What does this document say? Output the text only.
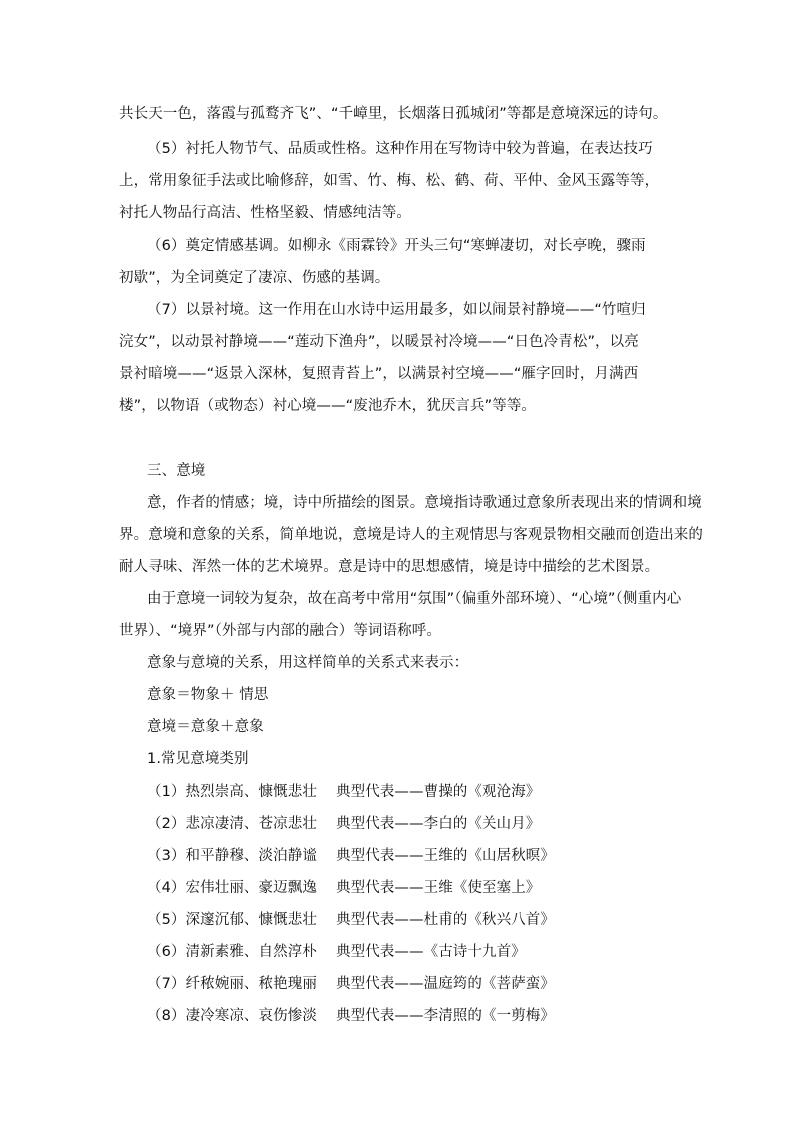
共长天一色，落霞与孤鹜齐飞”、“千嶂里，长烟落日孤城闭”等都是意境深远的诗句。
（5）衬托人物节气、品质或性格。这种作用在写物诗中较为普遍，在表达技巧
上，常用象征手法或比喻修辞，如雪、竹、梅、松、鹤、荷、平仲、金风玉露等等，
衬托人物品行高洁、性格坚毅、情感纯洁等。
（6）奠定情感基调。如柳永《雨霖铃》开头三句“寒蝉凄切，对长亭晚，骤雨
初歇”，为全词奠定了凄凉、伤感的基调。
（7）以景衬境。这一作用在山水诗中运用最多，如以闹景衬静境——“竹喧归
浣女”，以动景衬静境——“莲动下渔舟”，以暖景衬冷境——“日色冷青松”，以亮
景衬暗境——“返景入深林，复照青苔上”，以满景衬空境——“雁字回时，月满西
楼”，以物语（或物态）衬心境——“废池乔木，犹厌言兵”等等。
三、意境
意，作者的情感；境，诗中所描绘的图景。意境指诗歌通过意象所表现出来的情调和境
界。意境和意象的关系，简单地说，意境是诗人的主观情思与客观景物相交融而创造出来的
耐人寻味、浑然一体的艺术境界。意是诗中的思想感情，境是诗中描绘的艺术图景。
由于意境一词较为复杂，故在高考中常用“氛围”（偏重外部环境）、“心境”（侧重内心
世界）、“境界”（外部与内部的融合）等词语称呼。
意象与意境的关系，用这样简单的关系式来表示：
意象＝物象＋ 情思
意境＝意象＋意象
1.常见意境类别
（1）热烈崇高、慷慨悲壮	典型代表——曹操的《观沧海》
（2）悲凉凄清、苍凉悲壮	典型代表——李白的《关山月》
（3）和平静穆、淡泊静谧	典型代表——王维的《山居秋暝》
（4）宏伟壮丽、豪迈飘逸	典型代表——王维《使至塞上》
（5）深邃沉郁、慷慨悲壮	典型代表——杜甫的《秋兴八首》
（6）清新素雅、自然淳朴	典型代表——《古诗十九首》
（7）纤秾婉丽、秾艳瑰丽	典型代表——温庭筠的《菩萨蛮》
（8）凄冷寒凉、哀伤惨淡	典型代表——李清照的《一剪梅》
